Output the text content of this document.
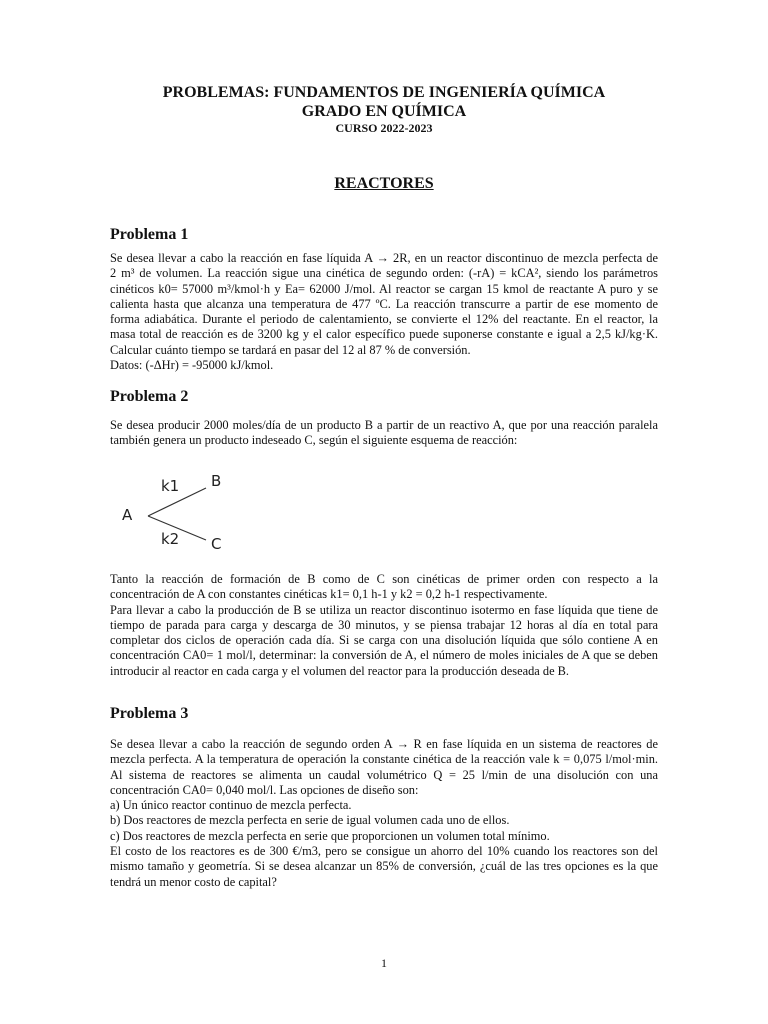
PROBLEMAS: FUNDAMENTOS DE INGENIERÍA QUÍMICA
GRADO EN QUÍMICA
CURSO 2022-2023
REACTORES
Problema 1
Se desea llevar a cabo la reacción en fase líquida A → 2R, en un reactor discontinuo de mezcla perfecta de
2 m³ de volumen. La reacción sigue una cinética de segundo orden: (-rA) = kCA², siendo los parámetros
cinéticos k0= 57000 m³/kmol·h y Ea= 62000 J/mol. Al reactor se cargan 15 kmol de reactante A puro y se
calienta hasta que alcanza una temperatura de 477 ºC. La reacción transcurre a partir de ese momento de
forma adiabática. Durante el periodo de calentamiento, se convierte el 12% del reactante. En el reactor, la
masa total de reacción es de 3200 kg y el calor específico puede suponerse constante e igual a 2,5 kJ/kg·K.
Calcular cuánto tiempo se tardará en pasar del 12 al 87 % de conversión.
Datos: (-ΔHr) = -95000 kJ/kmol.
Problema 2
Se desea producir 2000 moles/día de un producto B a partir de un reactivo A, que por una reacción paralela
también genera un producto indeseado C, según el siguiente esquema de reacción:
A
k1
k2
B
C
Tanto la reacción de formación de B como de C son cinéticas de primer orden con respecto a la
concentración de A con constantes cinéticas k1= 0,1 h-1 y k2 = 0,2 h-1 respectivamente.
Para llevar a cabo la producción de B se utiliza un reactor discontinuo isotermo en fase líquida que tiene de
tiempo de parada para carga y descarga de 30 minutos, y se piensa trabajar 12 horas al día en total para
completar dos ciclos de operación cada día. Si se carga con una disolución líquida que sólo contiene A en
concentración CA0= 1 mol/l, determinar: la conversión de A, el número de moles iniciales de A que se deben
introducir al reactor en cada carga y el volumen del reactor para la producción deseada de B.
Problema 3
Se desea llevar a cabo la reacción de segundo orden A → R en fase líquida en un sistema de reactores de
mezcla perfecta. A la temperatura de operación la constante cinética de la reacción vale k = 0,075 l/mol·min.
Al sistema de reactores se alimenta un caudal volumétrico Q = 25 l/min de una disolución con una
concentración CA0= 0,040 mol/l. Las opciones de diseño son:
a) Un único reactor continuo de mezcla perfecta.
b) Dos reactores de mezcla perfecta en serie de igual volumen cada uno de ellos.
c) Dos reactores de mezcla perfecta en serie que proporcionen un volumen total mínimo.
El costo de los reactores es de 300 €/m3, pero se consigue un ahorro del 10% cuando los reactores son del
mismo tamaño y geometría. Si se desea alcanzar un 85% de conversión, ¿cuál de las tres opciones es la que
tendrá un menor costo de capital?
1
